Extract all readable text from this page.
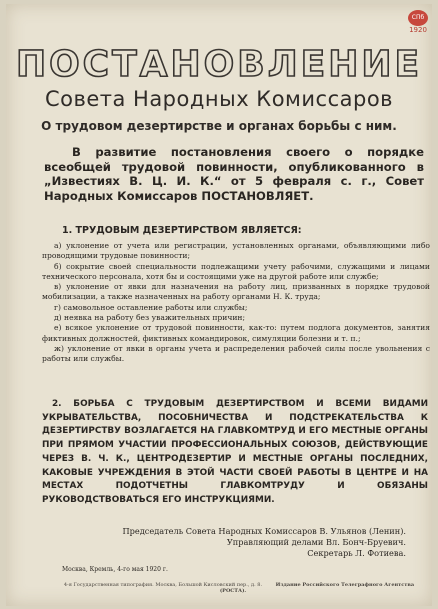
СПб
1920
ПОСТАНОВЛЕНИЕ
Совета Народных Комиссаров
О трудовом дезертирстве и органах борьбы с ним.
В развитие постановления своего о порядке всеобщей трудовой повинности, опубликованного в „Известиях В. Ц. И. К.“ от 5 февраля с. г., Совет Народных Комиссаров ПОСТАНОВЛЯЕТ.
1. ТРУДОВЫМ ДЕЗЕРТИРСТВОМ ЯВЛЯЕТСЯ:
а) уклонение от учета или регистрации, установленных органами, объявляющими либо проводящими трудовые повинности;
б) сокрытие своей специальности подлежащими учету рабочими, служащими и лицами технического персонала, хотя бы и состоящими уже на другой работе или службе;
в) уклонение от явки для назначения на работу лиц, призванных в порядке трудовой мобилизации, а также назначенных на работу органами Н. К. труда;
г) самовольное оставление работы или службы;
д) неявка на работу без уважительных причин;
е) всякое уклонение от трудовой повинности, как-то: путем подлога документов, занятия фиктивных должностей, фиктивных командировок, симуляции болезни и т. п.;
ж) уклонение от явки в органы учета и распределения рабочей силы после увольнения с работы или службы.
2. БОРЬБА С ТРУДОВЫМ ДЕЗЕРТИРСТВОМ И ВСЕМИ ВИДАМИ УКРЫВАТЕЛЬСТВА, ПОСОБНИЧЕСТВА И ПОДСТРЕКАТЕЛЬСТВА К ДЕЗЕРТИРСТВУ ВОЗЛАГАЕТСЯ НА ГЛАВКОМТРУД И ЕГО МЕСТНЫЕ ОРГАНЫ ПРИ ПРЯМОМ УЧАСТИИ ПРОФЕССИОНАЛЬНЫХ СОЮЗОВ, ДЕЙСТВУЮЩИЕ ЧЕРЕЗ В. Ч. К., ЦЕНТРОДЕЗЕРТИР И МЕСТНЫЕ ОРГАНЫ ПОСЛЕДНИХ, КАКОВЫЕ УЧРЕЖДЕНИЯ В ЭТОЙ ЧАСТИ СВОЕЙ РАБОТЫ В ЦЕНТРЕ И НА МЕСТАХ ПОДОТЧЕТНЫ ГЛАВКОМТРУДУ И ОБЯЗАНЫ РУКОВОДСТВОВАТЬСЯ ЕГО ИНСТРУКЦИЯМИ.
Председатель Совета Народных Комиссаров В. Ульянов (Ленин).
Управляющий делами Вл. Бонч-Бруевич.
Секретарь Л. Фотиева.
Москва, Кремль, 4-го мая 1920 г.
4-я Государственная типография. Москва, Большой Кисловский пер., д. 8.	Издание Российского Телеграфного Агентства (РОСТА).
